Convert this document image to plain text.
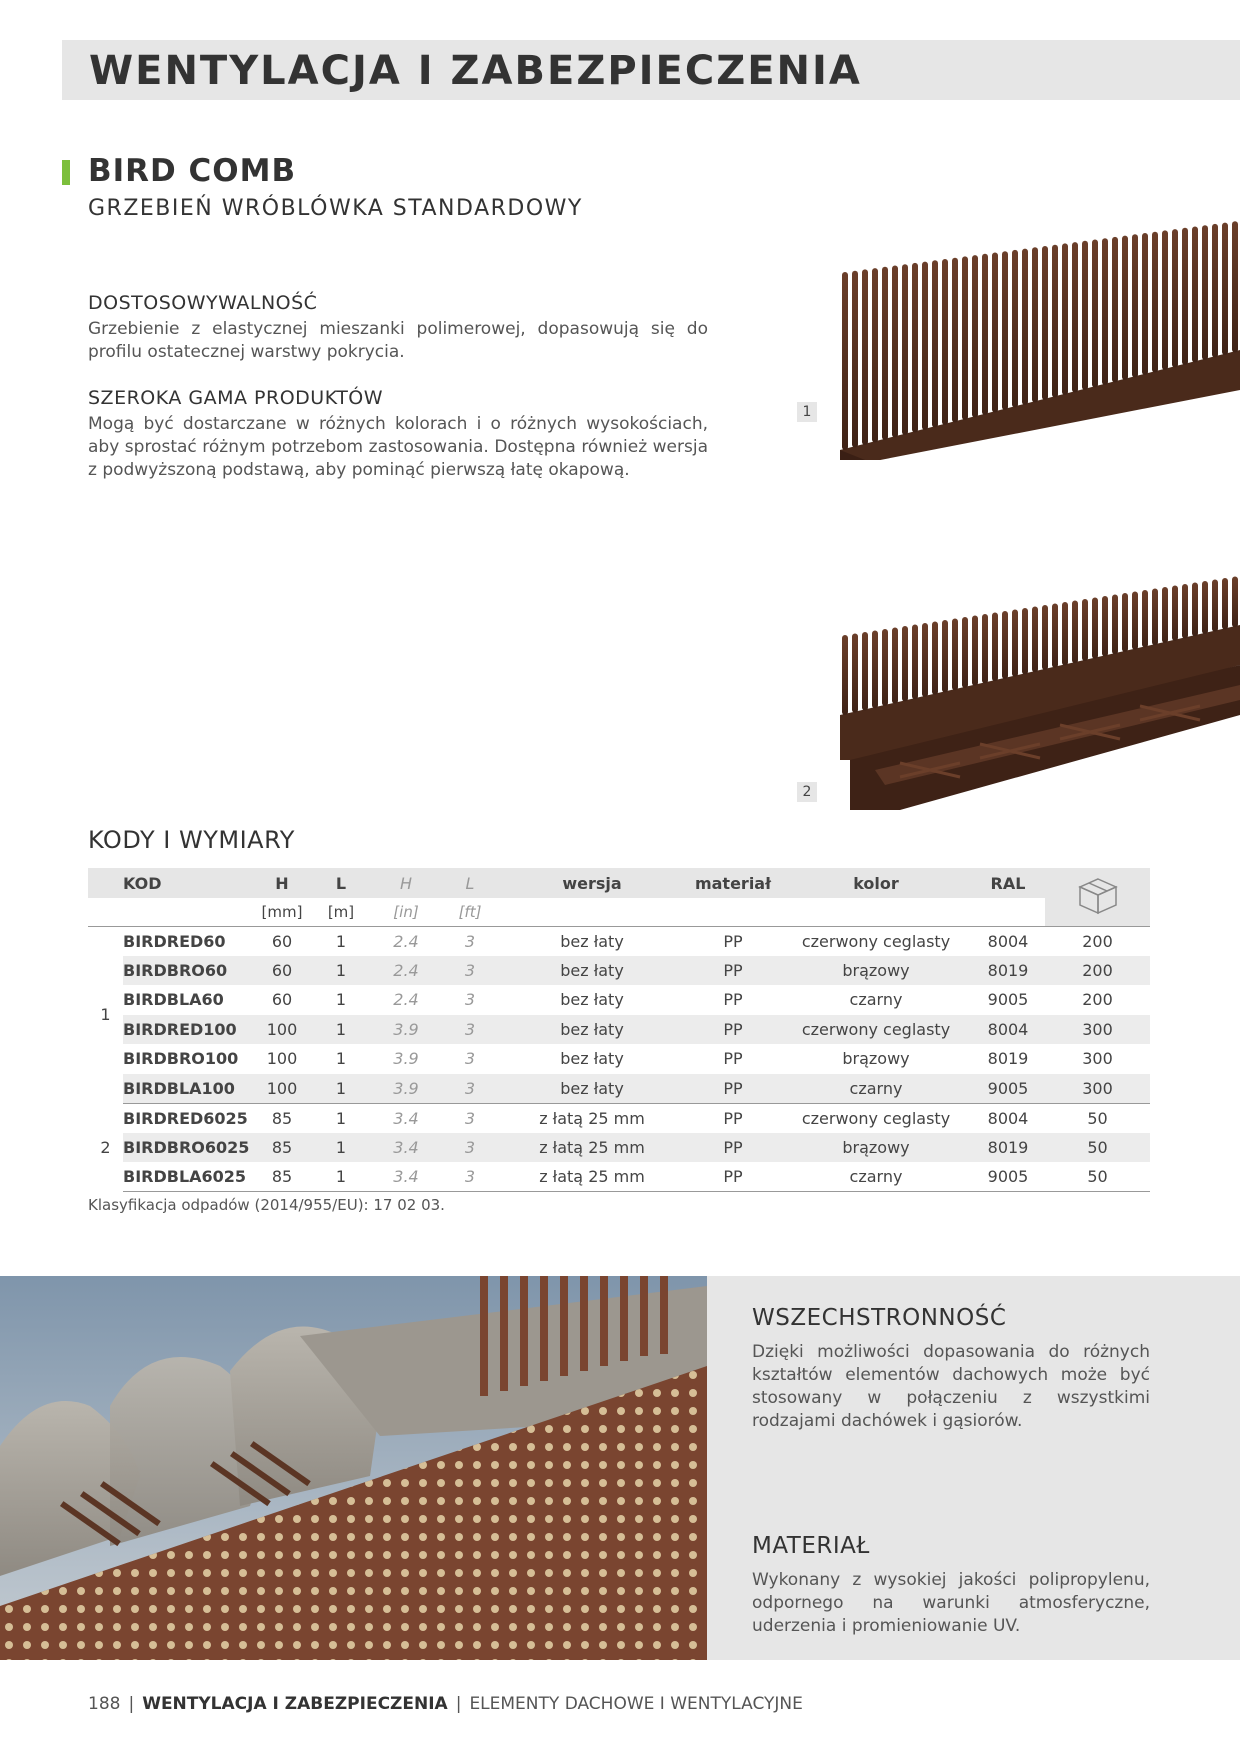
WENTYLACJA I ZABEZPIECZENIA
BIRD COMB
GRZEBIEŃ WRÓBLÓWKA STANDARDOWY
DOSTOSOWYWALNOŚĆ

Grzebienie z elastycznej mieszanki polimerowej, dopasowują się do profilu ostatecznej warstwy pokrycia.

SZEROKA GAMA PRODUKTÓW

Mogą być dostarczane w różnych kolorach i o różnych wysokościach, aby sprostać różnym potrzebom zastosowania. Dostępna również wersja z podwyższoną podstawą, aby pominąć pierwszą łatę okapową.

1
2
KODY I WYMIARY
	KOD	H	L	H	L	wersja	materiał	kolor	RAL	
		[mm]	[m]	[in]	[ft]					
1	BIRDRED60	60	1	2.4	3	bez łaty	PP	czerwony ceglasty	8004	200
	BIRDBRO60	60	1	2.4	3	bez łaty	PP	brązowy	8019	200
	BIRDBLA60	60	1	2.4	3	bez łaty	PP	czarny	9005	200
	BIRDRED100	100	1	3.9	3	bez łaty	PP	czerwony ceglasty	8004	300
	BIRDBRO100	100	1	3.9	3	bez łaty	PP	brązowy	8019	300
	BIRDBLA100	100	1	3.9	3	bez łaty	PP	czarny	9005	300
2	BIRDRED6025	85	1	3.4	3	z łatą 25 mm	PP	czerwony ceglasty	8004	50
	BIRDBRO6025	85	1	3.4	3	z łatą 25 mm	PP	brązowy	8019	50
	BIRDBLA6025	85	1	3.4	3	z łatą 25 mm	PP	czarny	9005	50
Klasyfikacja odpadów (2014/955/EU): 17 02 03.
WSZECHSTRONNOŚĆ

Dzięki możliwości dopasowania do różnych kształtów elementów dachowych może być stosowany w połączeniu z wszystkimi rodzajami dachówek i gąsiorów.

MATERIAŁ

Wykonany z wysokiej jakości polipropylenu, odpornego na warunki atmosferyczne, uderzenia i promieniowanie UV.

188 | WENTYLACJA I ZABEZPIECZENIA | ELEMENTY DACHOWE I WENTYLACYJNE
